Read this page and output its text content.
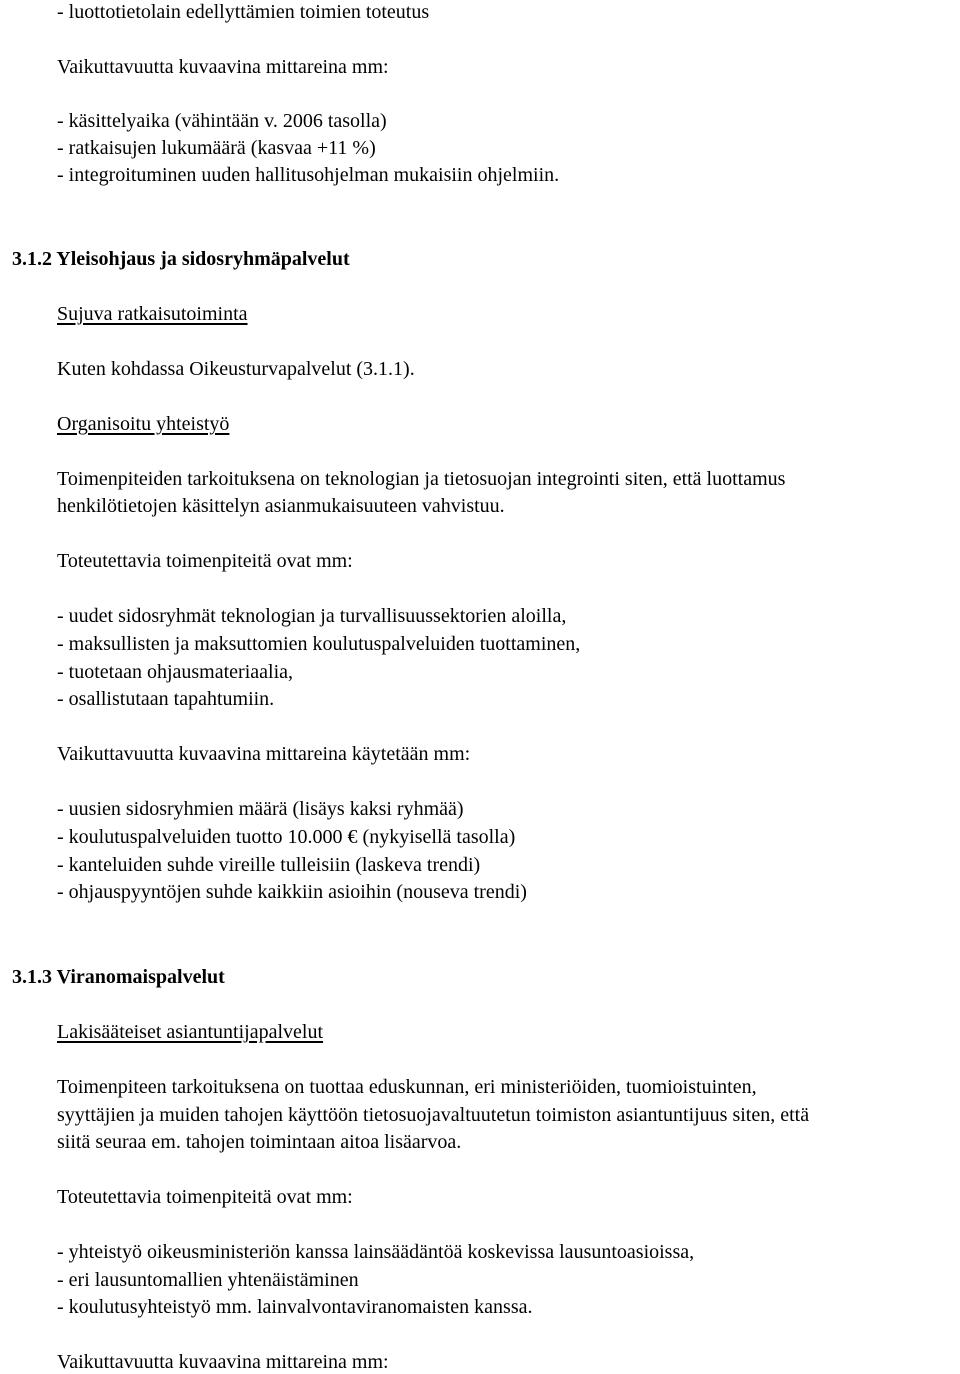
- luottotietolain edellyttämien toimien toteutus

Vaikuttavuutta kuvaavina mittareina mm:

- käsittelyaika (vähintään v. 2006 tasolla)

- ratkaisujen lukumäärä (kasvaa +11 %)

- integroituminen uuden hallitusohjelman mukaisiin ohjelmiin.

3.1.2 Yleisohjaus ja sidosryhmäpalvelut

Sujuva ratkaisutoiminta

Kuten kohdassa Oikeusturvapalvelut (3.1.1).

Organisoitu yhteistyö

Toimenpiteiden tarkoituksena on teknologian ja tietosuojan integrointi siten, että luottamus

henkilötietojen käsittelyn asianmukaisuuteen vahvistuu.

Toteutettavia toimenpiteitä ovat mm:

- uudet sidosryhmät teknologian ja turvallisuussektorien aloilla,

- maksullisten ja maksuttomien koulutuspalveluiden tuottaminen,

- tuotetaan ohjausmateriaalia,

- osallistutaan tapahtumiin.

Vaikuttavuutta kuvaavina mittareina käytetään mm:

- uusien sidosryhmien määrä (lisäys kaksi ryhmää)

- koulutuspalveluiden tuotto 10.000 € (nykyisellä tasolla)

- kanteluiden suhde vireille tulleisiin (laskeva trendi)

- ohjauspyyntöjen suhde kaikkiin asioihin (nouseva trendi)

3.1.3 Viranomaispalvelut

Lakisääteiset asiantuntijapalvelut

Toimenpiteen tarkoituksena on tuottaa eduskunnan, eri ministeriöiden, tuomioistuinten,

syyttäjien ja muiden tahojen käyttöön tietosuojavaltuutetun toimiston asiantuntijuus siten, että

siitä seuraa em. tahojen toimintaan aitoa lisäarvoa.

Toteutettavia toimenpiteitä ovat mm:

- yhteistyö oikeusministeriön kanssa lainsäädäntöä koskevissa lausuntoasioissa,

- eri lausuntomallien yhtenäistäminen

- koulutusyhteistyö mm. lainvalvontaviranomaisten kanssa.

Vaikuttavuutta kuvaavina mittareina mm:
